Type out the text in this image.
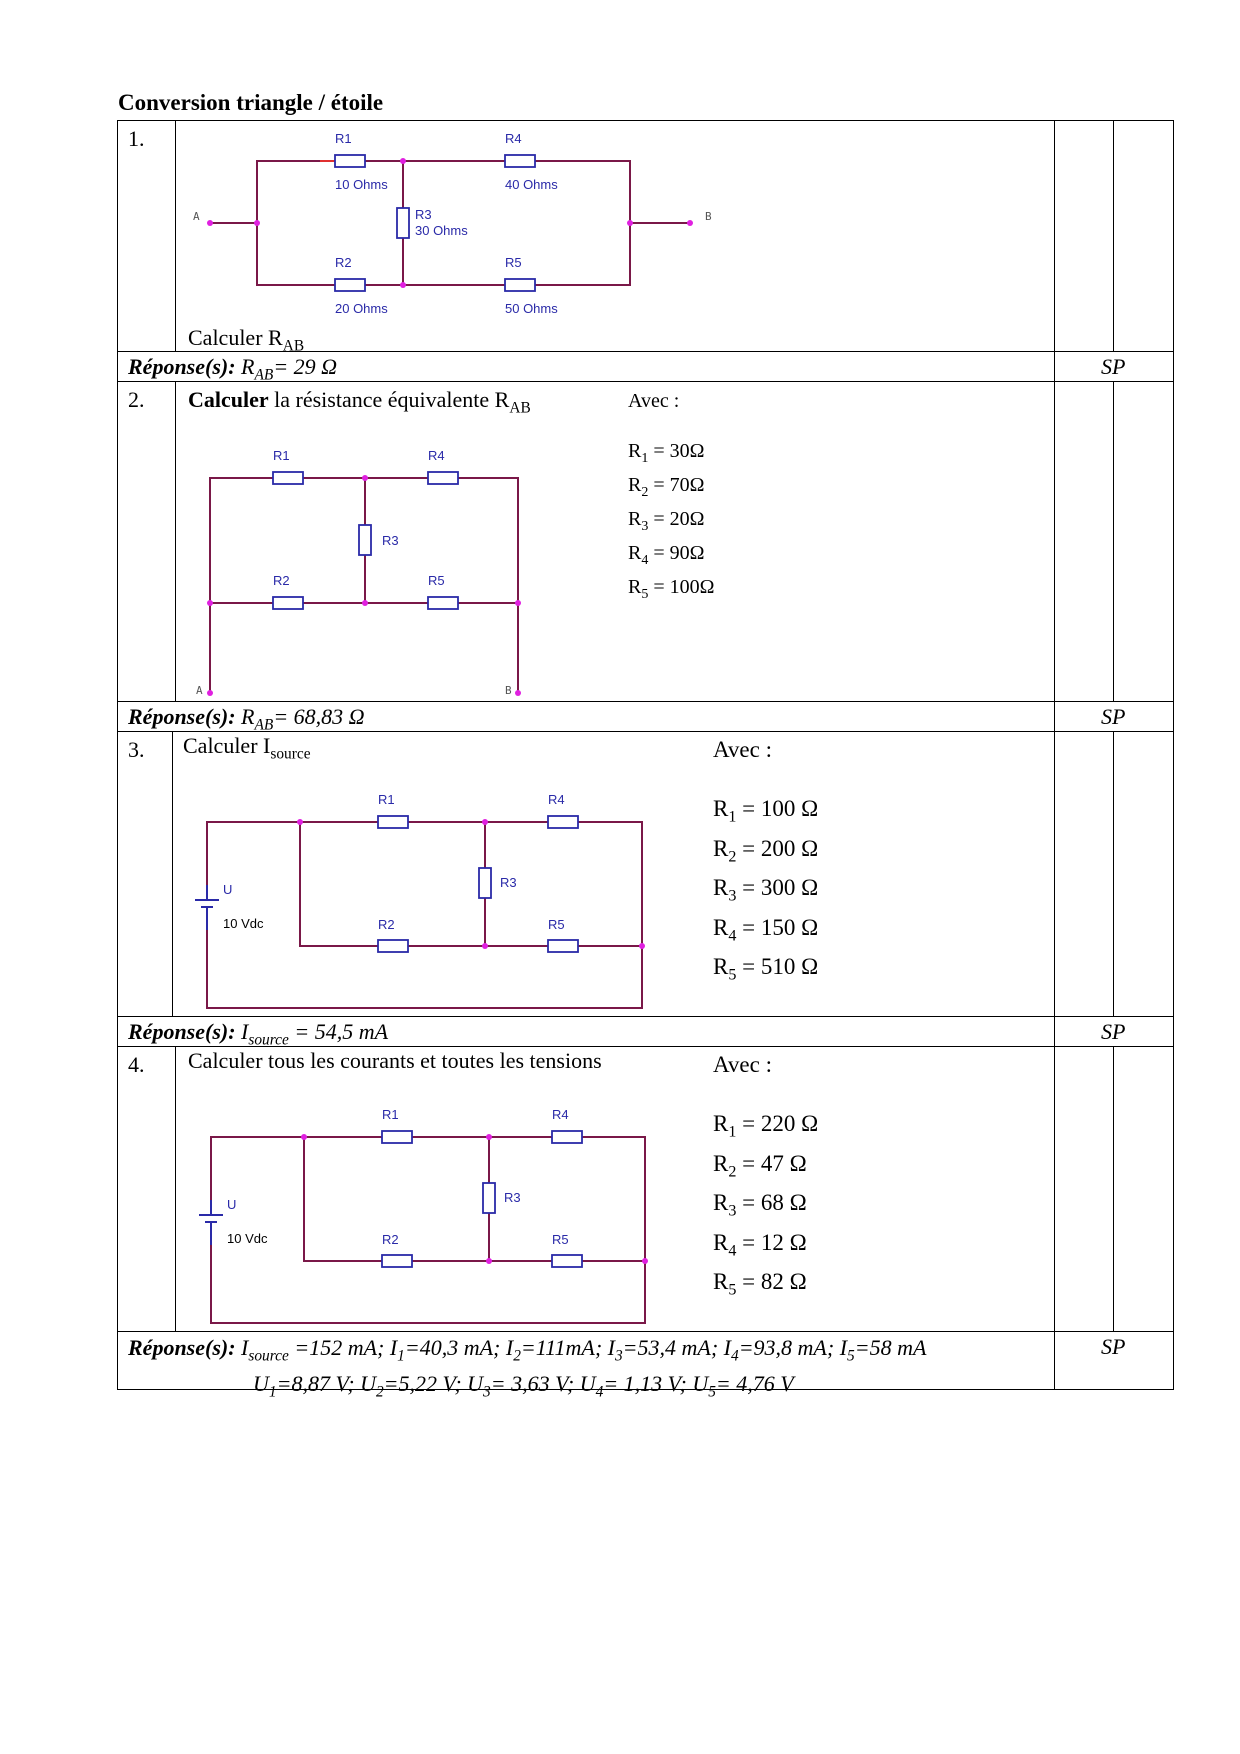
Conversion triangle / étoile
1.	R1
10 Ohms
R4
40 Ohms
R3
30 Ohms
R2
20 Ohms
R5
50 Ohms
A	B
Calculer $R_{AB}$
Réponse(s): $R_{AB}= 29$ Ω	SP
2. Calculer la résistance équivalente $R_{AB}$	Avec :
$R_1 = 30\Omega$
$R_2 = 70\Omega$
$R_3 = 20\Omega$
$R_4 = 90\Omega$
$R_5 = 100\Omega$
R1	R4
R3
R2	R5
A	B
Réponse(s): $R_{AB}= 68,83$ Ω	SP
3. Calculer $I_{source}$	Avec :
$R_1 = 100$ Ω
$R_2 = 200$ Ω
$R_3 = 300$ Ω
$R_4 = 150$ Ω
$R_5 = 510$ Ω
R1	R4
R3
R2	R5
U
10 Vdc
Réponse(s): $I_{source} = 54,5$ mA	SP
4. Calculer tous les courants et toutes les tensions	Avec :
$R_1 = 220$ Ω
$R_2 = 47$ Ω
$R_3 = 68$ Ω
$R_4 = 12$ Ω
$R_5 = 82$ Ω
R1	R4
R3
R2	R5
U
10 Vdc
Réponse(s): $I_{source} =152$ mA; $I_1=40,3$ mA; $I_2=111mA$; $I_3=53,4$ mA; $I_4=93,8$ mA; $I_5=58$ mA
$U_1=8,87$ V; $U_2=5,22$ V; $U_3= 3,63$ V; $U_4= 1,13$ V; $U_5= 4,76$ V
SP
